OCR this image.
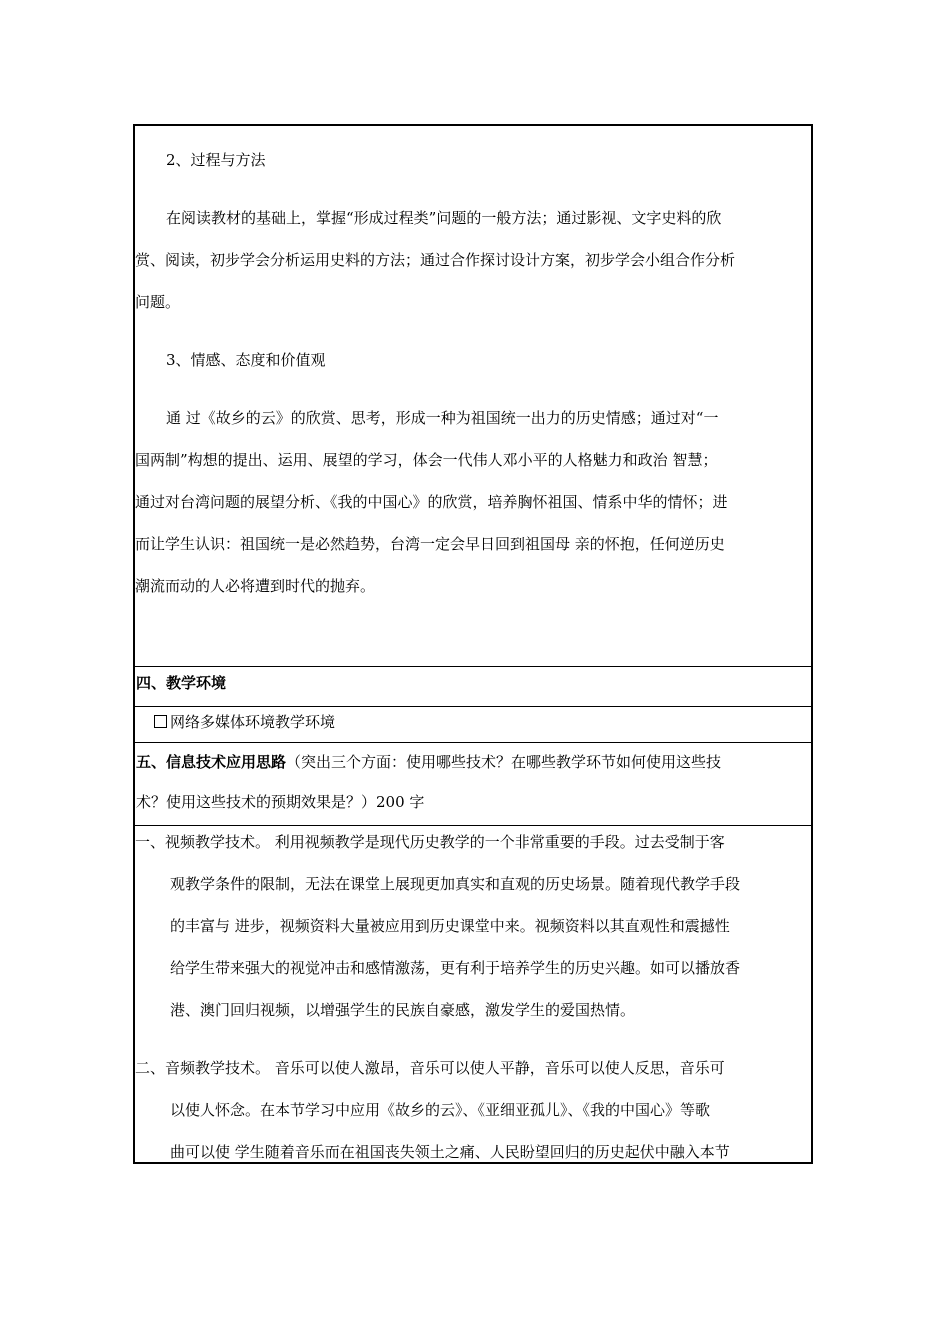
2、过程与方法
在阅读教材的基础上，掌握“形成过程类”问题的一般方法；通过影视、文字史料的欣
赏、阅读，初步学会分析运用史料的方法；通过合作探讨设计方案，初步学会小组合作分析
问题。
3、情感、态度和价值观
通 过《故乡的云》的欣赏、思考，形成一种为祖国统一出力的历史情感；通过对“一
国两制”构想的提出、运用、展望的学习，体会一代伟人邓小平的人格魅力和政治 智慧；
通过对台湾问题的展望分析、《我的中国心》的欣赏，培养胸怀祖国、情系中华的情怀；进
而让学生认识：祖国统一是必然趋势，台湾一定会早日回到祖国母 亲的怀抱，任何逆历史
潮流而动的人必将遭到时代的抛弃。
四、教学环境
网络多媒体环境教学环境
五、信息技术应用思路（突出三个方面：使用哪些技术？在哪些教学环节如何使用这些技
术？使用这些技术的预期效果是？）200 字
一、视频教学技术。 利用视频教学是现代历史教学的一个非常重要的手段。过去受制于客
观教学条件的限制，无法在课堂上展现更加真实和直观的历史场景。随着现代教学手段
的丰富与 进步，视频资料大量被应用到历史课堂中来。视频资料以其直观性和震撼性
给学生带来强大的视觉冲击和感情激荡，更有利于培养学生的历史兴趣。如可以播放香
港、澳门回归视频，以增强学生的民族自豪感，激发学生的爱国热情。
二、音频教学技术。 音乐可以使人激昂，音乐可以使人平静，音乐可以使人反思，音乐可
以使人怀念。在本节学习中应用《故乡的云》、《亚细亚孤儿》、《我的中国心》等歌
曲可以使 学生随着音乐而在祖国丧失领土之痛、人民盼望回归的历史起伏中融入本节
